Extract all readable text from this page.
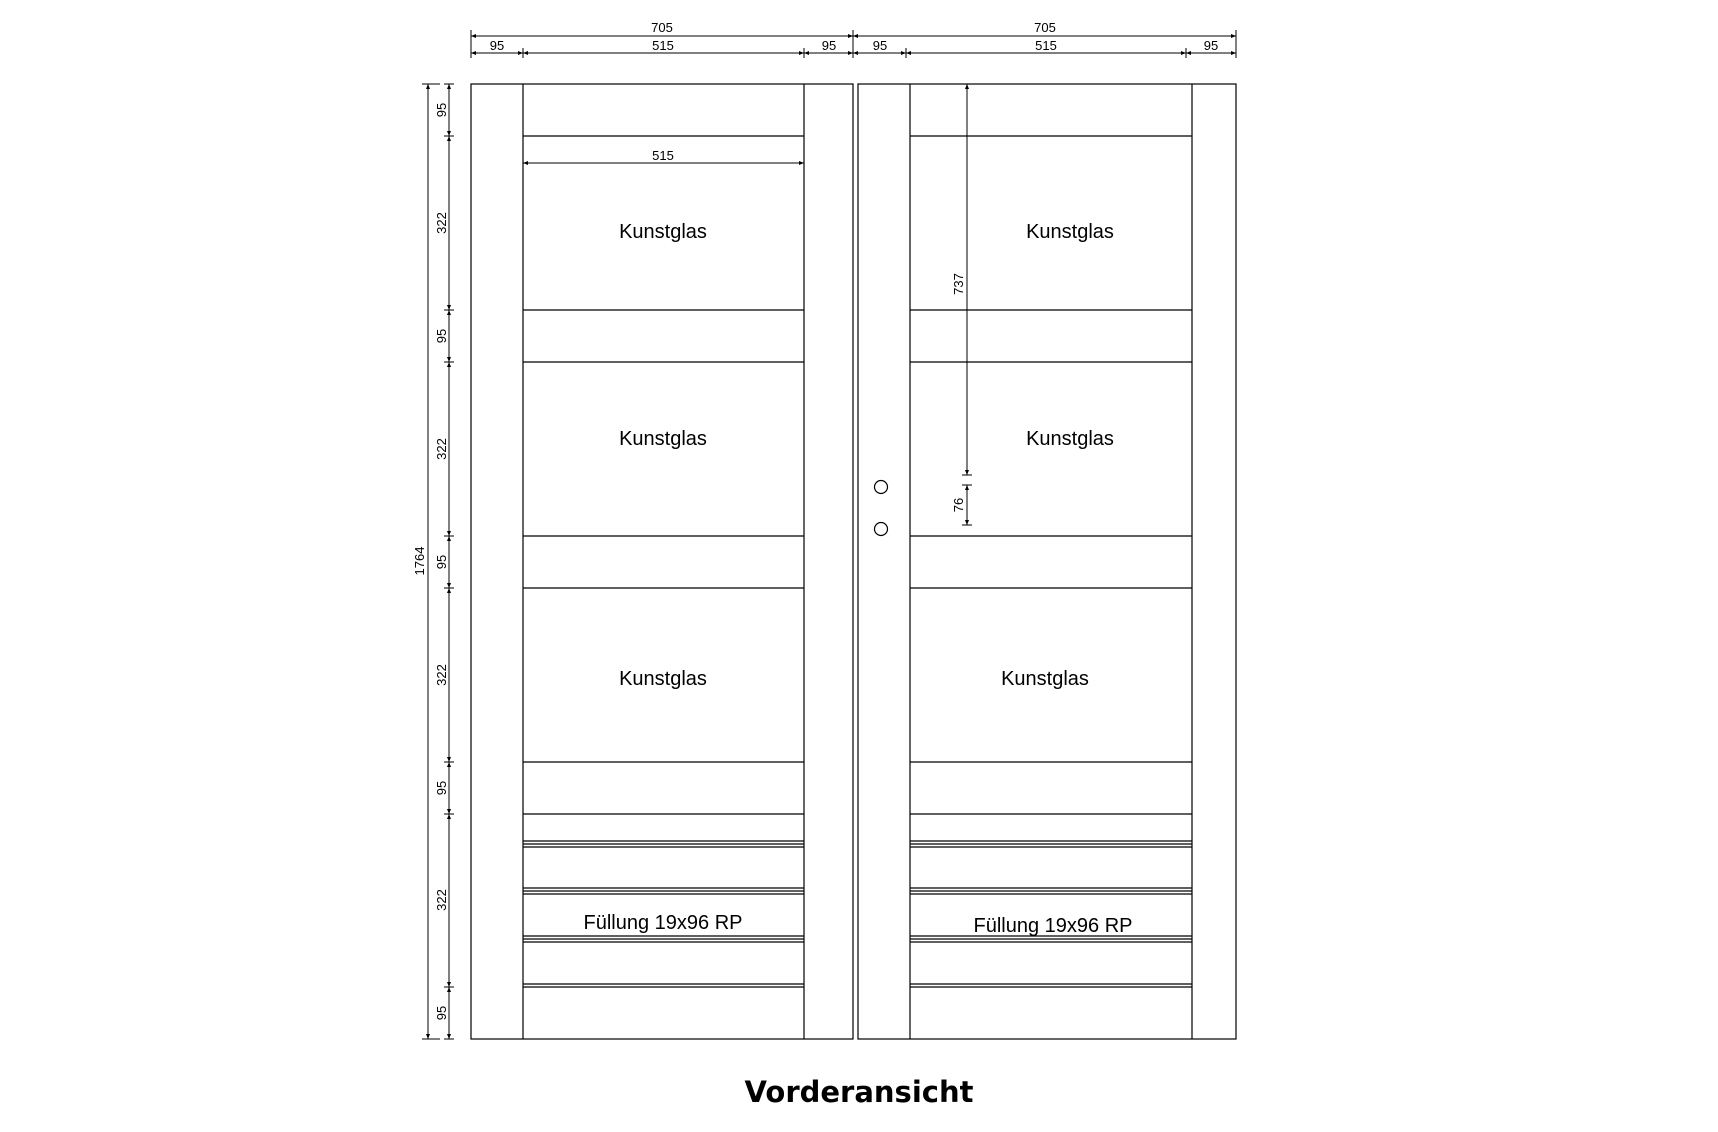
705	705
95	515	95	95	515	95
1764
95
322
95
322
95
322
95
322
95
515
Kunstglas
Kunstglas
Kunstglas
Füllung 19x96 RP
737
76
Kunstglas
Kunstglas
Kunstglas
Füllung 19x96 RP
Vorderansicht
